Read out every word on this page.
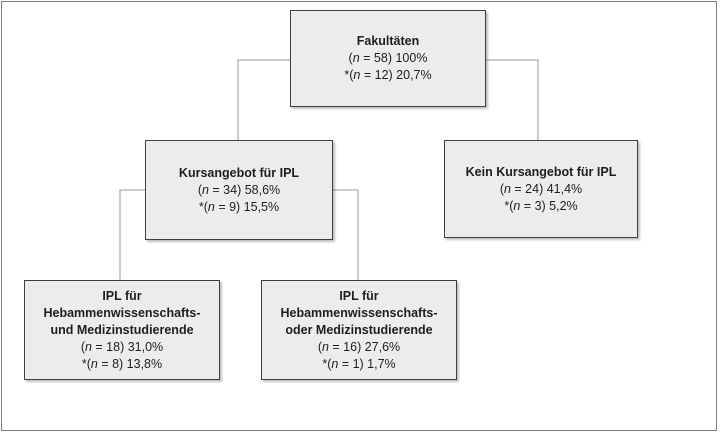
Fakultäten
(n = 58) 100%
*(n = 12) 20,7%
Kursangebot für IPL
(n = 34) 58,6%
*(n = 9) 15,5%
Kein Kursangebot für IPL
(n = 24) 41,4%
*(n = 3) 5,2%
IPL für
Hebammenwissenschafts-
und Medizinstudierende
(n = 18) 31,0%
*(n = 8) 13,8%
IPL für
Hebammenwissenschafts-
oder Medizinstudierende
(n = 16) 27,6%
*(n = 1) 1,7%
